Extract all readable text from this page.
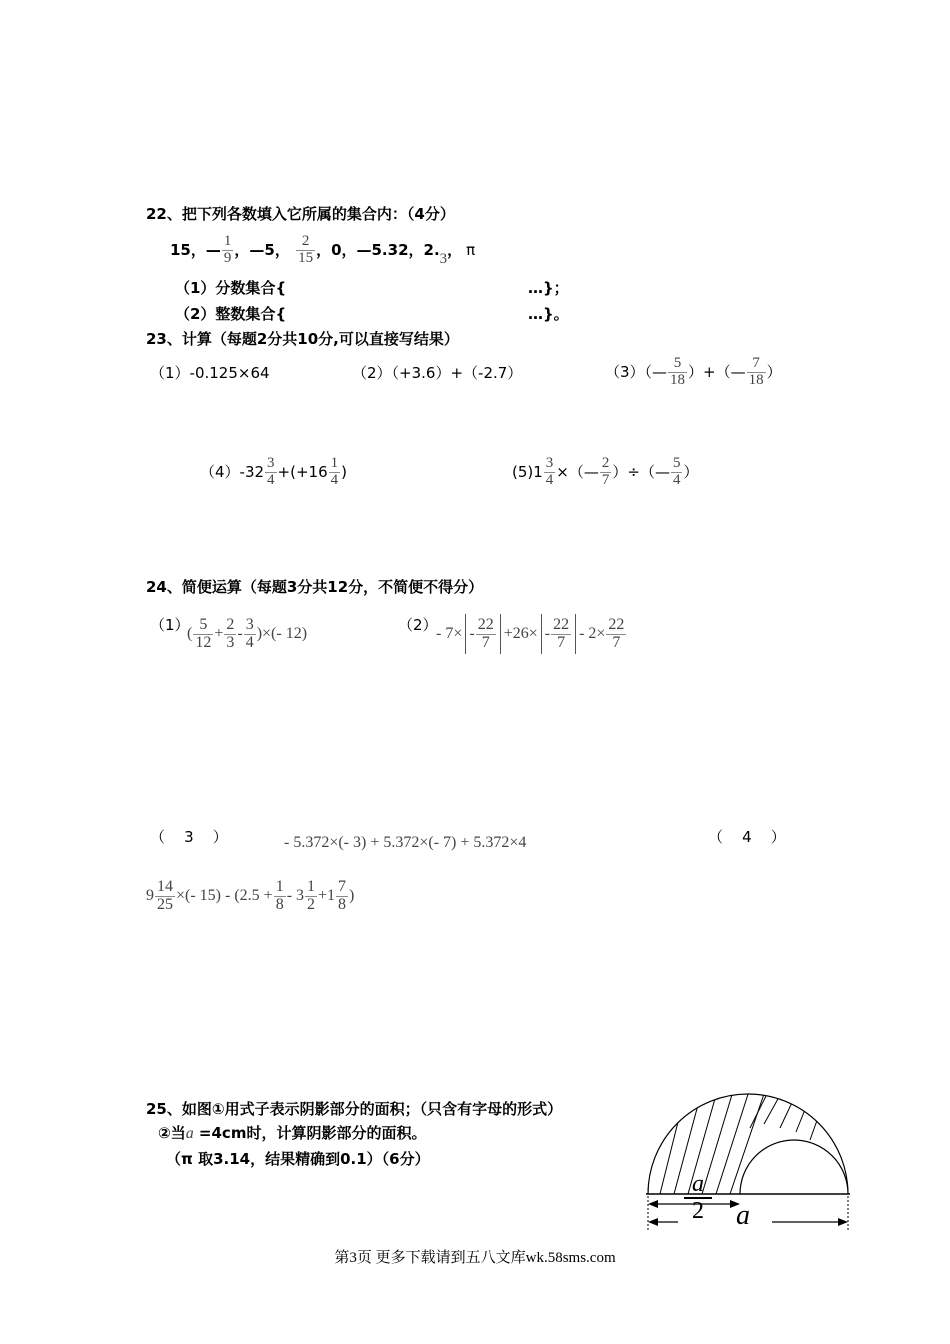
22、把下列各数填入它所属的集合内：（4分）
15，— $\frac{1}{9}$ ，—5， $\frac{2}{15}$ ，0，—5.32，2.3， π
（1）分数集合{	…}；
（2）整数集合{	…}。
23、计算（每题2分共10分,可以直接写结果）
（1）-0.125×64	（2）（+3.6）+（-2.7）	（3）（— $\frac{5}{18}$ ）+（— $\frac{7}{18}$ ）
$(4)-32 \frac{3}{4} +(+16 \frac{1}{4}$ )	$(5)1 \frac{3}{4}$ ×（— $\frac{2}{7}$ ）÷（— $\frac{5}{4}$ ）
24、简便运算（每题3分共12分，不简便不得分）
（1）
( $\frac{5}{12} + \frac{2}{3} - \frac{3}{4}$ )×(- 12)	（2）
- $7\times - \frac{22}{7} +26\times - \frac{22}{7} - 2\times \frac{22}{7}$
（    3    ）	- 5.372×(- 3) + 5.372×(- 7) + 5.372×4	（    4    ）
$9 \frac{14}{25}$ ×(- $15) - (2.5 + \frac{1}{8} - 3 \frac{1}{2} +1 \frac{7}{8}$ )
25、如图①用式子表示阴影部分的面积；（只含有字母的形式）
②当a =4cm时，计算阴影部分的面积。
（π 取3.14，结果精确到0.1）（6分）
a
2 a
第3页 更多下载请到五八文库wk.58sms.com
